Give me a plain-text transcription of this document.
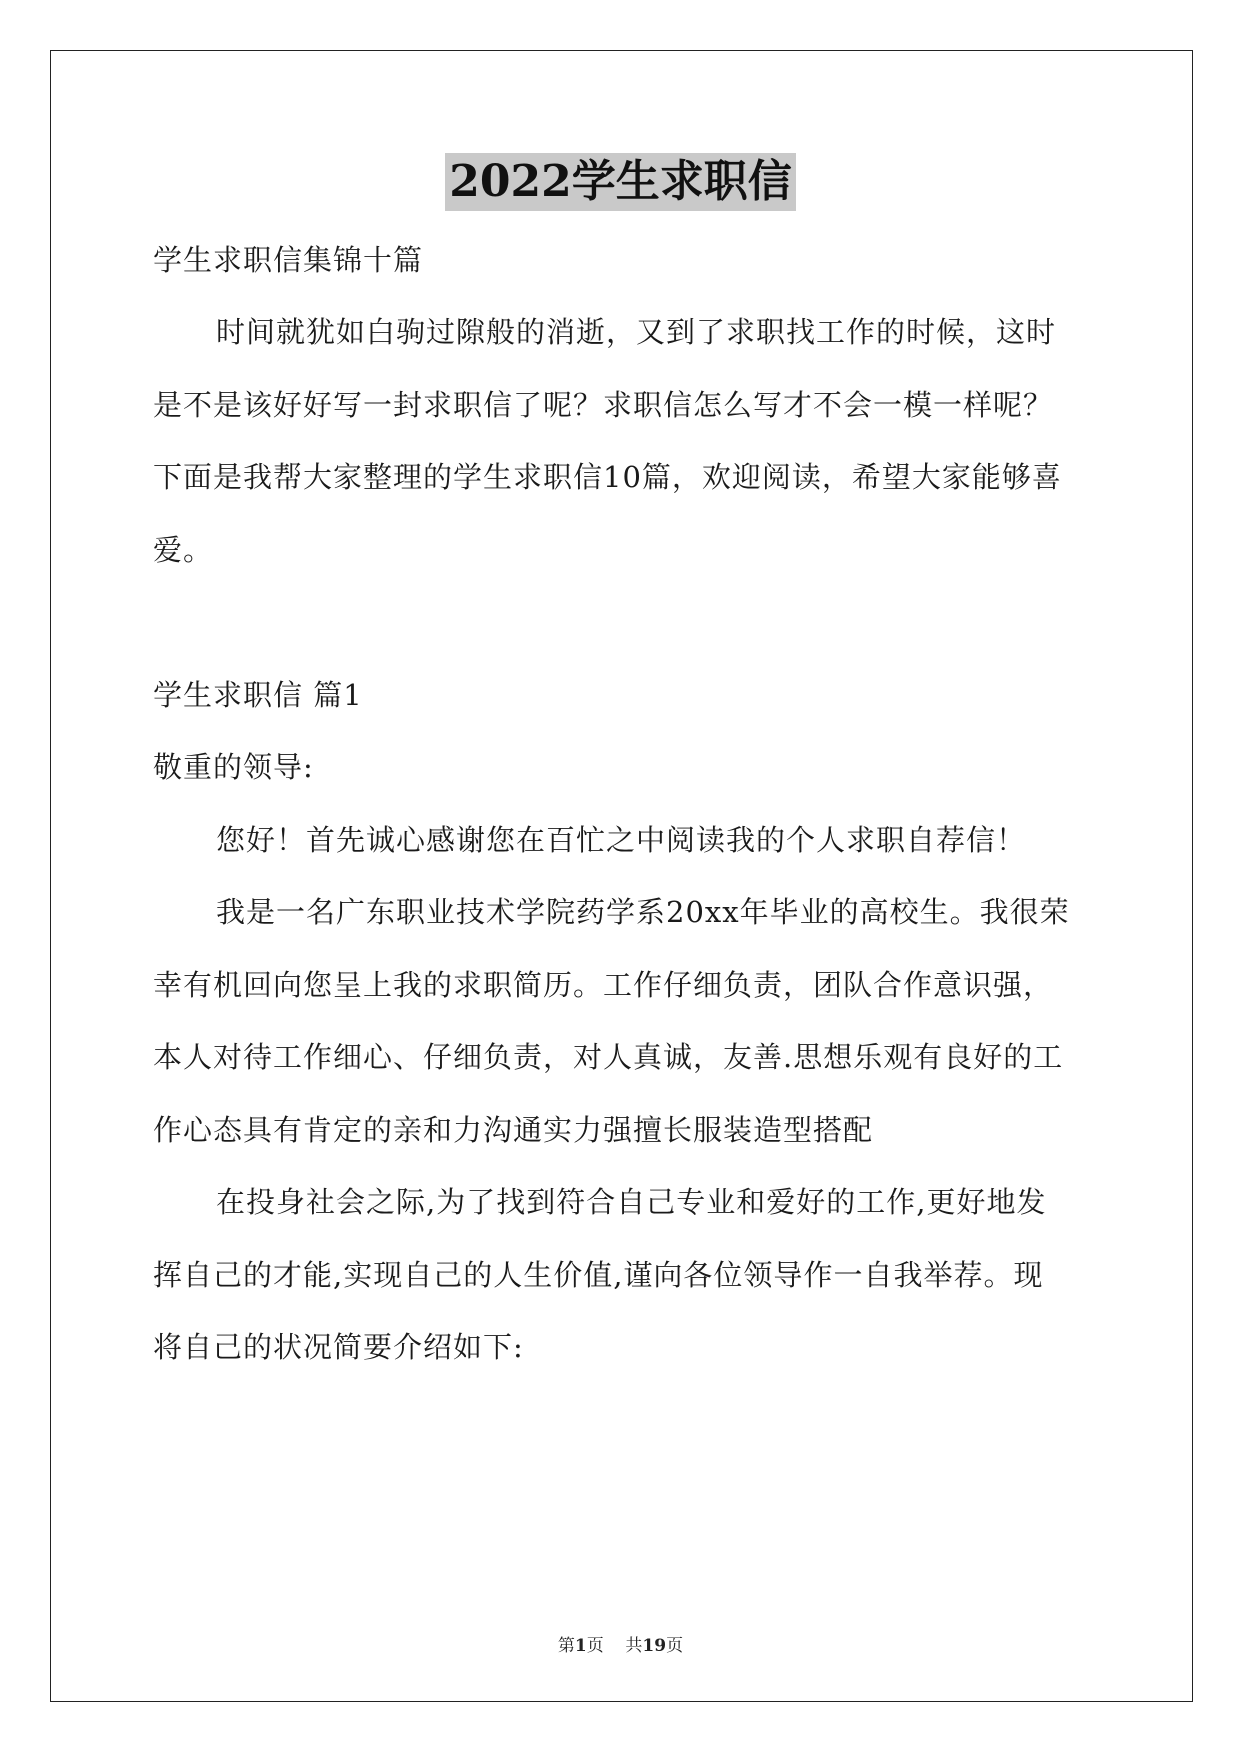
2022学生求职信
学生求职信集锦十篇
时间就犹如白驹过隙般的消逝，又到了求职找工作的时候，这时
是不是该好好写一封求职信了呢？求职信怎么写才不会一模一样呢？
下面是我帮大家整理的学生求职信10篇，欢迎阅读，希望大家能够喜
爱。
学生求职信 篇1
敬重的领导:
您好！首先诚心感谢您在百忙之中阅读我的个人求职自荐信！
我是一名广东职业技术学院药学系20xx年毕业的高校生。我很荣
幸有机回向您呈上我的求职简历。工作仔细负责，团队合作意识强，
本人对待工作细心、仔细负责，对人真诚，友善.思想乐观有良好的工
作心态具有肯定的亲和力沟通实力强擅长服装造型搭配
在投身社会之际,为了找到符合自己专业和爱好的工作,更好地发
挥自己的才能,实现自己的人生价值,谨向各位领导作一自我举荐。现
将自己的状况简要介绍如下:
第1页 共19页
